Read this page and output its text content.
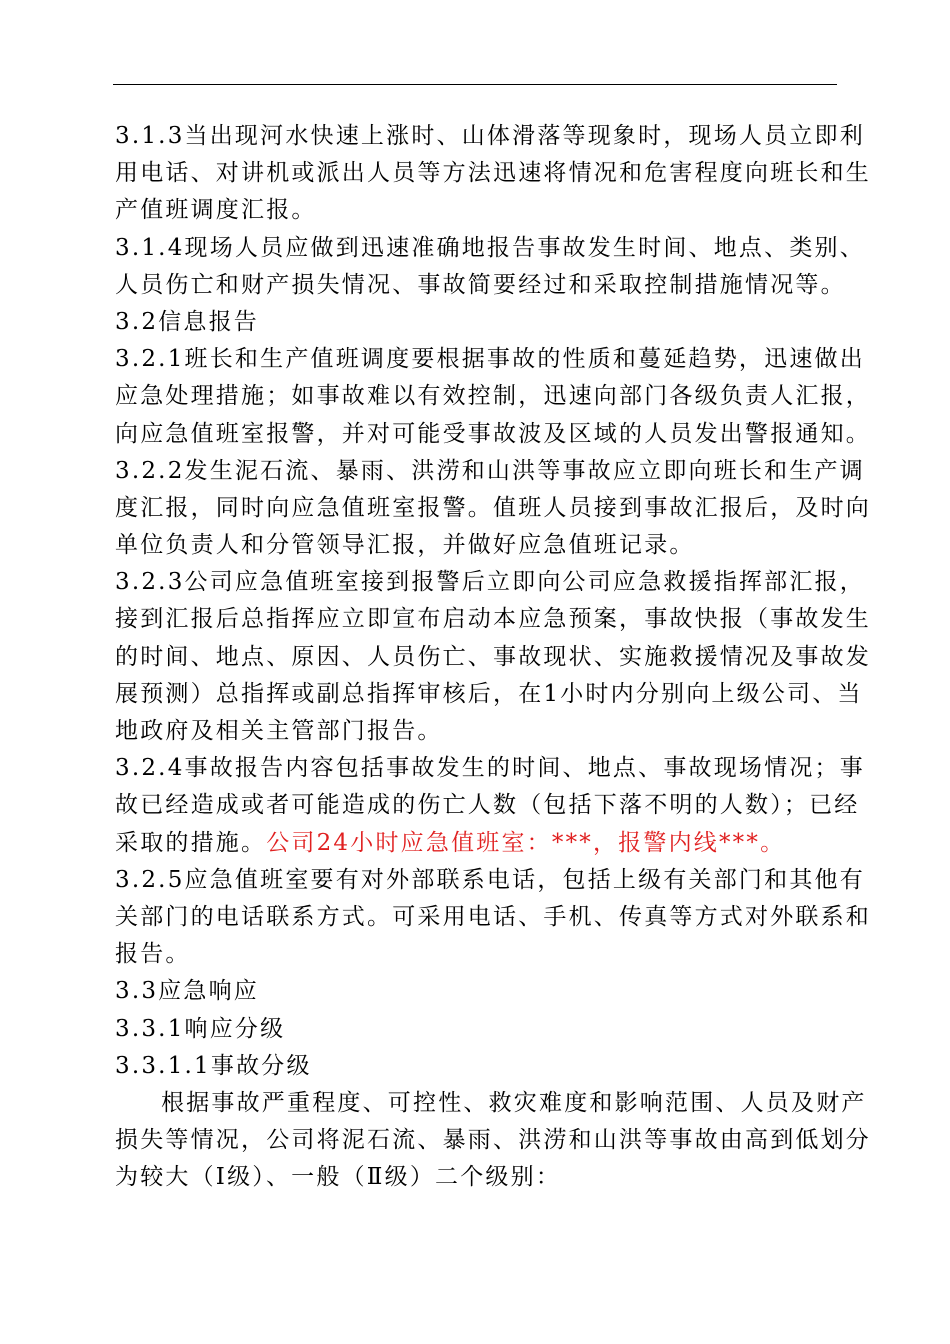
3.1.3当出现河水快速上涨时、山体滑落等现象时，现场人员立即利
用电话、对讲机或派出人员等方法迅速将情况和危害程度向班长和生
产值班调度汇报。
3.1.4现场人员应做到迅速准确地报告事故发生时间、地点、类别、
人员伤亡和财产损失情况、事故简要经过和采取控制措施情况等。
3.2信息报告
3.2.1班长和生产值班调度要根据事故的性质和蔓延趋势，迅速做出
应急处理措施；如事故难以有效控制，迅速向部门各级负责人汇报，
向应急值班室报警，并对可能受事故波及区域的人员发出警报通知。
3.2.2发生泥石流、暴雨、洪涝和山洪等事故应立即向班长和生产调
度汇报，同时向应急值班室报警。值班人员接到事故汇报后，及时向
单位负责人和分管领导汇报，并做好应急值班记录。
3.2.3公司应急值班室接到报警后立即向公司应急救援指挥部汇报，
接到汇报后总指挥应立即宣布启动本应急预案，事故快报（事故发生
的时间、地点、原因、人员伤亡、事故现状、实施救援情况及事故发
展预测）总指挥或副总指挥审核后，在1小时内分别向上级公司、当
地政府及相关主管部门报告。
3.2.4事故报告内容包括事故发生的时间、地点、事故现场情况；事
故已经造成或者可能造成的伤亡人数（包括下落不明的人数）；已经
采取的措施。公司24小时应急值班室：***，报警内线***。
3.2.5应急值班室要有对外部联系电话，包括上级有关部门和其他有
关部门的电话联系方式。可采用电话、手机、传真等方式对外联系和
报告。
3.3应急响应
3.3.1响应分级
3.3.1.1事故分级
根据事故严重程度、可控性、救灾难度和影响范围、人员及财产
损失等情况，公司将泥石流、暴雨、洪涝和山洪等事故由高到低划分
为较大（Ⅰ级）、一般（Ⅱ级）二个级别：
